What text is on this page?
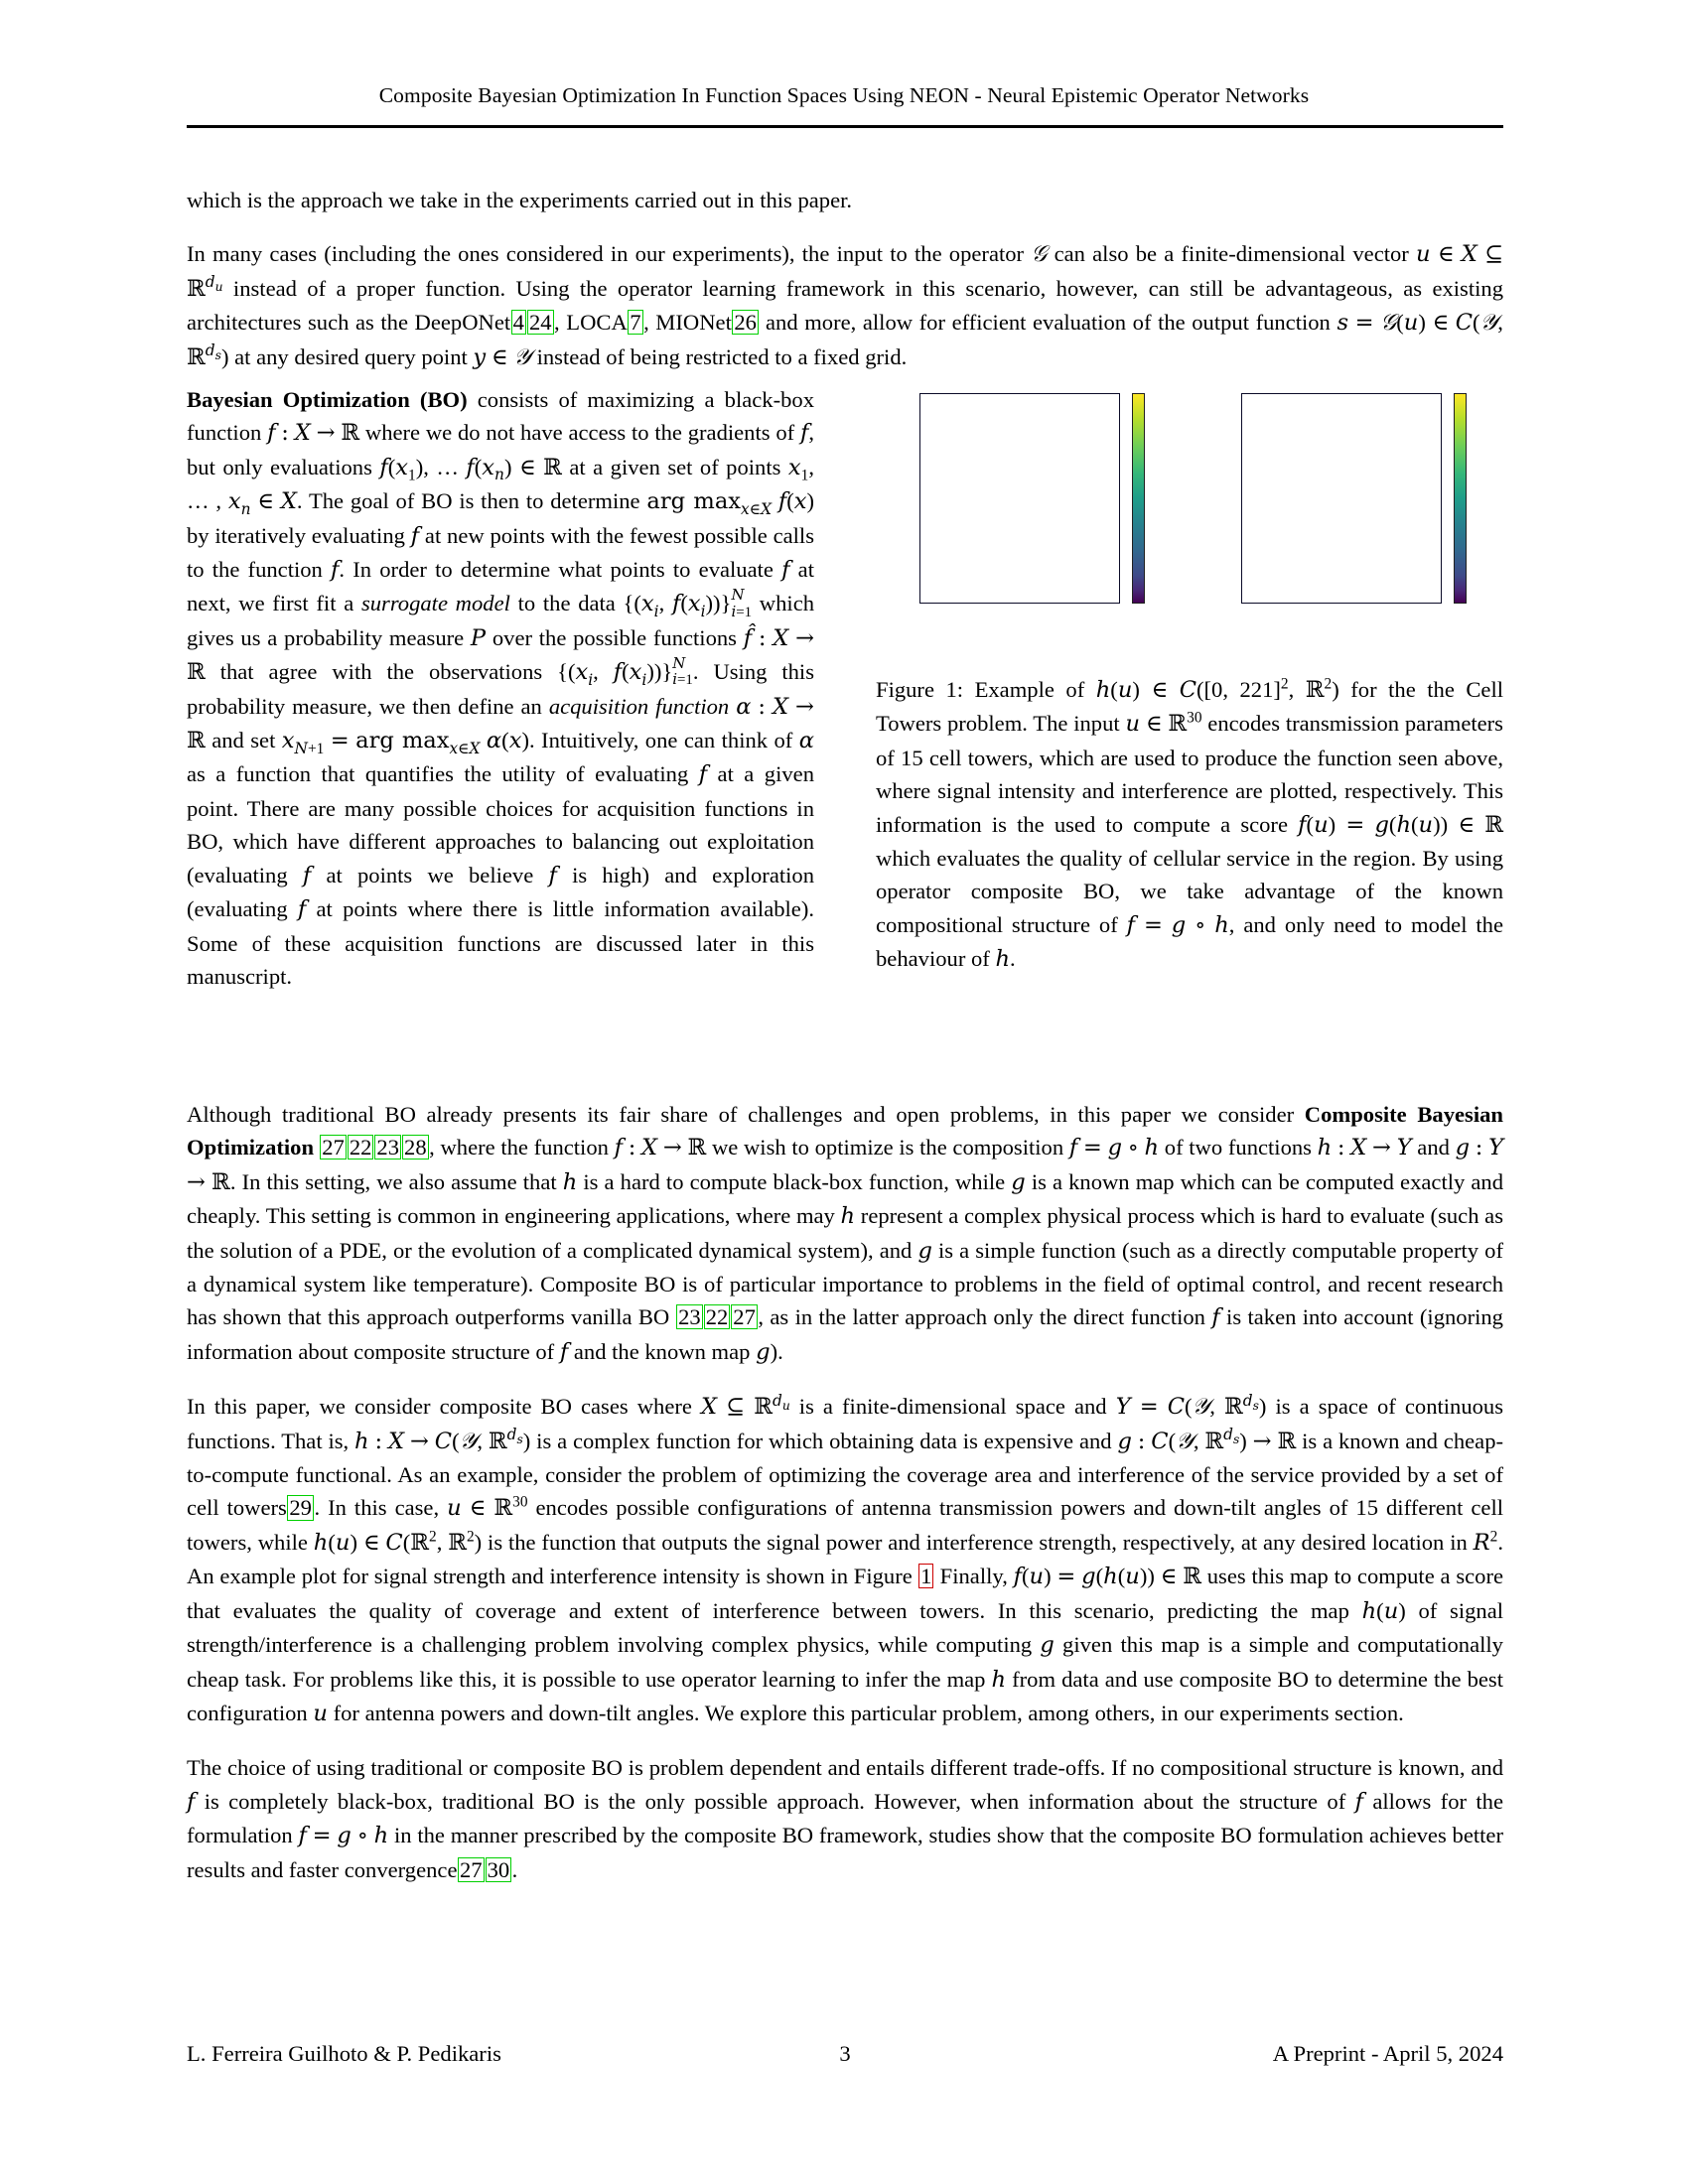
Composite Bayesian Optimization In Function Spaces Using NEON - Neural Epistemic Operator Networks

which is the approach we take in the experiments carried out in this paper.

In many cases (including the ones considered in our experiments), the input to the operator 𝒢 can also be a finite-dimensional vector u ∈ X ⊆ ℝ$^{d_u}$ instead of a proper function. Using the operator learning framework in this scenario, however, can still be advantageous, as existing architectures such as the DeepONet 4 24 , LOCA 7 , MIONet 26 and more, allow for efficient evaluation of the output function s = 𝒢(u) ∈ C(𝒴, ℝ$^{d_s}$) at any desired query point y ∈ 𝒴 instead of being restricted to a fixed grid.

Bayesian Optimization (BO) consists of maximizing a black-box function f : X → ℝ where we do not have access to the gradients of f, but only evaluations $f(x_1)$, … $f(x_n)$ ∈ ℝ at a given set of points $x_1$, … , $x_n$ ∈ X. The goal of BO is then to determine arg $\max_{x\in X} f(x)$ by iteratively evaluating f at new points with the fewest possible calls to the function f. In order to determine what points to evaluate f at next, we first fit a surrogate model to the data {($x_i$, $f(x_i)$)} N
i=1 which gives us a probability measure P over the possible functions f̂ : X → ℝ that agree with the observations {($x_i$, $f(x_i)$)} N
i=1 . Using this probability measure, we then define an acquisition function α : X → ℝ and set $x_{N+1}$ = arg $\max_{x\in X} \alpha(x)$. Intuitively, one can think of α as a function that quantifies the utility of evaluating f at a given point. There are many possible choices for acquisition functions in BO, which have different approaches to balancing out exploitation (evaluating f at points we believe f is high) and exploration (evaluating f at points where there is little information available). Some of these acquisition functions are discussed later in this manuscript.

Figure 1: Example of h(u) ∈ C([0, 221]$^2$, ℝ$^2$) for the the Cell Towers problem. The input u ∈ ℝ$^{30}$ encodes transmission parameters of 15 cell towers, which are used to produce the function seen above, where signal intensity and interference are plotted, respectively. This information is the used to compute a score f(u) = g(h(u)) ∈ ℝ which evaluates the quality of cellular service in the region. By using operator composite BO, we take advantage of the known compositional structure of f = g ∘ h, and only need to model the behaviour of h.

Although traditional BO already presents its fair share of challenges and open problems, in this paper we consider Composite Bayesian Optimization 27 22 23 28 , where the function f : X → ℝ we wish to optimize is the composition f = g ∘ h of two functions h : X → Y and g : Y → ℝ. In this setting, we also assume that h is a hard to compute black-box function, while g is a known map which can be computed exactly and cheaply. This setting is common in engineering applications, where may h represent a complex physical process which is hard to evaluate (such as the solution of a PDE, or the evolution of a complicated dynamical system), and g is a simple function (such as a directly computable property of a dynamical system like temperature). Composite BO is of particular importance to problems in the field of optimal control, and recent research has shown that this approach outperforms vanilla BO 23 22 27 , as in the latter approach only the direct function f is taken into account (ignoring information about composite structure of f and the known map g).

In this paper, we consider composite BO cases where X ⊆ ℝ$^{d_u}$ is a finite-dimensional space and Y = C(𝒴, ℝ$^{d_s}$) is a space of continuous functions. That is, h : X → C(𝒴, ℝ$^{d_s}$) is a complex function for which obtaining data is expensive and g : C(𝒴, ℝ$^{d_s}$) → ℝ is a known and cheap-to-compute functional. As an example, consider the problem of optimizing the coverage area and interference of the service provided by a set of cell towers 29 . In this case, u ∈ ℝ$^{30}$ encodes possible configurations of antenna transmission powers and down-tilt angles of 15 different cell towers, while h(u) ∈ C(ℝ$^2$, ℝ$^2$) is the function that outputs the signal power and interference strength, respectively, at any desired location in $R^2$. An example plot for signal strength and interference intensity is shown in Figure 1 Finally, f(u) = g(h(u)) ∈ ℝ uses this map to compute a score that evaluates the quality of coverage and extent of interference between towers. In this scenario, predicting the map h(u) of signal strength/interference is a challenging problem involving complex physics, while computing g given this map is a simple and computationally cheap task. For problems like this, it is possible to use operator learning to infer the map h from data and use composite BO to determine the best configuration u for antenna powers and down-tilt angles. We explore this particular problem, among others, in our experiments section.

The choice of using traditional or composite BO is problem dependent and entails different trade-offs. If no compositional structure is known, and f is completely black-box, traditional BO is the only possible approach. However, when information about the structure of f allows for the formulation f = g ∘ h in the manner prescribed by the composite BO framework, studies show that the composite BO formulation achieves better results and faster convergence 27 30 .

L. Ferreira Guilhoto & P. Pedikaris	3	A Preprint - April 5, 2024
